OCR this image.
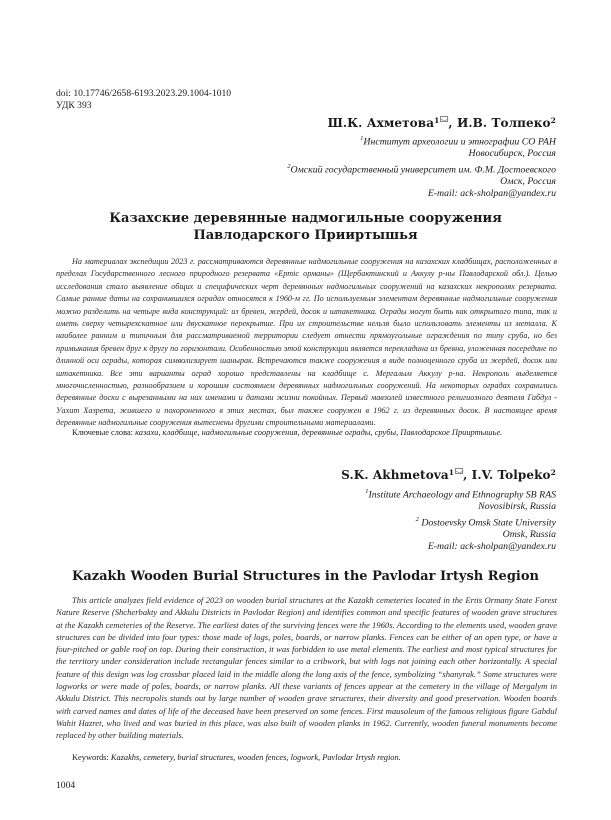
doi: 10.17746/2658-6193.2023.29.1004-1010
УДК 393
Ш.К. Ахметова$^1$ , И.В. Толпеко$^2$
$^1$Институт археологии и этнографии СО РАН
Новосибирск, Россия
$^2$Омский государственный университет им. Ф.М. Достоевского
Омск, Россия
E-mail: ack-sholpan@yandex.ru
Казахские деревянные надмогильные сооружения
Павлодарского Прииртышья
На материалах экспедиции 2023 г. рассматриваются деревянные надмогильные сооружения на казахских кладбищах, расположенных в пределах Государственного лесного природного резервата «Ертіс орманы» (Щербактинский и Аккулу р-ны Павлодарской обл.). Целью исследования стало выявление общих и специфических черт деревянных надмогильных сооружений на казахских некрополях резервата. Самые ранние даты на сохранившихся оградах относятся к 1960-м гг. По используемым элементам деревянные надмогильные сооружения можно разделить на четыре вида конструкций: из бревен, жердей, досок и штакетника. Ограды могут быть как открытого типа, так и иметь сверху четырехскатное или двускатное перекрытие. При их строительстве нельзя было использовать элементы из металла. К наиболее ранним и типичным для рассматриваемой территории следует отнести прямоугольные ограждения по типу сруба, но без примыкания бревен друг к другу по горизонтали. Особенностью этой конструкции является перекладина из бревна, уложенная посередине по длинной оси ограды, которая символизирует шанырак. Встречаются также сооружения в виде полноценного сруба из жердей, досок или штакетника. Все эти варианты оград хорошо представлены на кладбище с. Мергалым Аккулу р-на. Некрополь выделяется многочисленностью, разнообразием и хорошим состоянием деревянных надмогильных сооружений. На некоторых оградах сохранились деревянные доски с вырезанными на них именами и датами жизни покойных. Первый мавзолей известного религиозного деятеля Габдул - Уахит Хазрета, жившего и похороненного в этих местах, был также сооружен в 1962 г. из деревянных досок. В настоящее время деревянные надмогильные сооружения вытеснены другими строительными материалами.
Ключевые слова: казахи, кладбище, надмогильные сооружения, деревянные ограды, срубы, Павлодарское Прииртышье.
S.K. Akhmetova$^1$ , I.V. Tolpeko$^2$
$^1$Institute Archaeology and Ethnography SB RAS
Novosibirsk, Russia
$^2$ Dostoevsky Omsk State University
Omsk, Russia
E-mail: ack-sholpan@yandex.ru
Kazakh Wooden Burial Structures in the Pavlodar Irtysh Region
This article analyzes field evidence of 2023 on wooden burial structures at the Kazakh cemeteries located in the Ertis Ormany State Forest Nature Reserve (Shcherbakty and Akkulu Districts in Pavlodar Region) and identifies common and specific features of wooden grave structures at the Kazakh cemeteries of the Reserve. The earliest dates of the surviving fences were the 1960s. According to the elements used, wooden grave structures can be divided into four types: those made of logs, poles, boards, or narrow planks. Fences can be either of an open type, or have a four-pitched or gable roof on top. During their construction, it was forbidden to use metal elements. The earliest and most typical structures for the territory under consideration include rectangular fences similar to a cribwork, but with logs not joining each other horizontally. A special feature of this design was log crossbar placed laid in the middle along the long axis of the fence, symbolizing “shanyrak.” Some structures were logworks or were made of poles, boards, or narrow planks. All these variants of fences appear at the cemetery in the village of Mergalym in Akkulu District. This necropolis stands out by large number of wooden grave structures, their diversity and good preservation. Wooden boards with carved names and dates of life of the deceased have been preserved on some fences. First mausoleum of the famous religious figure Gabdul Wahit Hazret, who lived and was buried in this place, was also built of wooden planks in 1962. Currently, wooden funeral monuments become replaced by other building materials.
Keywords: Kazakhs, cemetery, burial structures, wooden fences, logwork, Pavlodar Irtysh region.
1004
